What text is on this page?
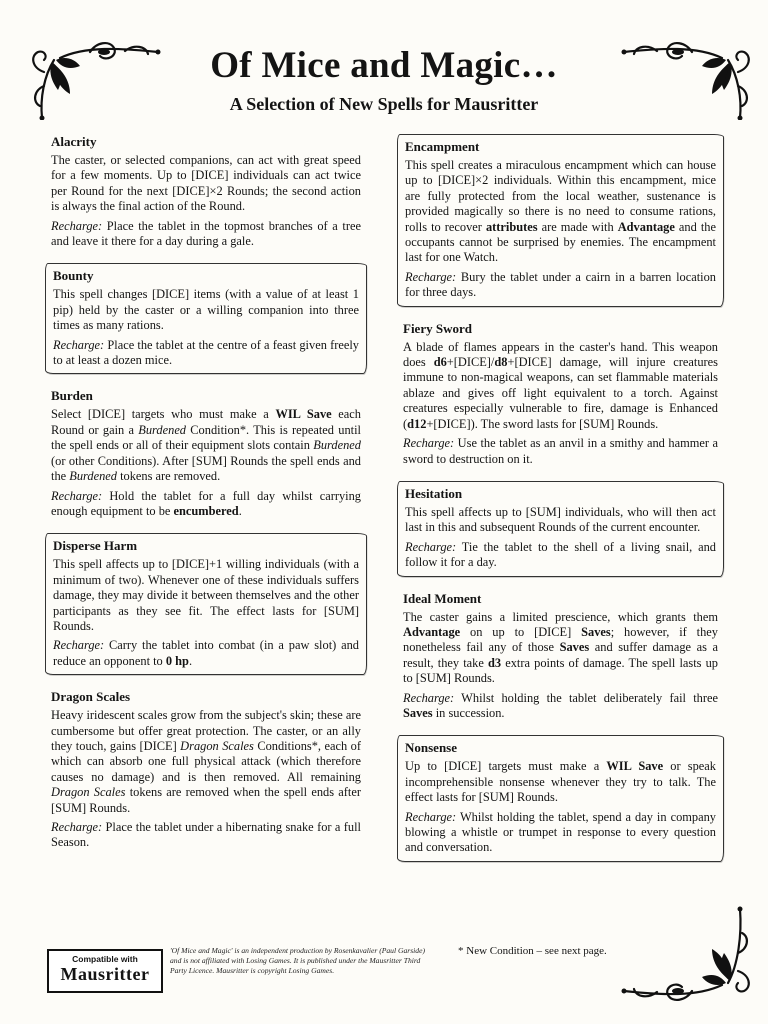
Of Mice and Magic…
A Selection of New Spells for Mausritter
Alacrity

The caster, or selected companions, can act with great speed for a few moments. Up to [DICE] individuals can act twice per Round for the next [DICE]×2 Rounds; the second action is always the final action of the Round.

Recharge: Place the tablet in the topmost branches of a tree and leave it there for a day during a gale.

Bounty

This spell changes [DICE] items (with a value of at least 1 pip) held by the caster or a willing companion into three times as many rations.

Recharge: Place the tablet at the centre of a feast given freely to at least a dozen mice.

Burden

Select [DICE] targets who must make a WIL Save each Round or gain a Burdened Condition*. This is repeated until the spell ends or all of their equipment slots contain Burdened (or other Conditions). After [SUM] Rounds the spell ends and the Burdened tokens are removed.

Recharge: Hold the tablet for a full day whilst carrying enough equipment to be encumbered.

Disperse Harm

This spell affects up to [DICE]+1 willing individuals (with a minimum of two). Whenever one of these individuals suffers damage, they may divide it between themselves and the other participants as they see fit. The effect lasts for [SUM] Rounds.

Recharge: Carry the tablet into combat (in a paw slot) and reduce an opponent to 0 hp.

Dragon Scales

Heavy iridescent scales grow from the subject's skin; these are cumbersome but offer great protection. The caster, or an ally they touch, gains [DICE] Dragon Scales Conditions*, each of which can absorb one full physical attack (which therefore causes no damage) and is then removed. All remaining Dragon Scales tokens are removed when the spell ends after [SUM] Rounds.

Recharge: Place the tablet under a hibernating snake for a full Season.

Encampment

This spell creates a miraculous encampment which can house up to [DICE]×2 individuals. Within this encampment, mice are fully protected from the local weather, sustenance is provided magically so there is no need to consume rations, rolls to recover attributes are made with Advantage and the occupants cannot be surprised by enemies. The encampment last for one Watch.

Recharge: Bury the tablet under a cairn in a barren location for three days.

Fiery Sword

A blade of flames appears in the caster's hand. This weapon does d6+[DICE]/d8+[DICE] damage, will injure creatures immune to non-magical weapons, can set flammable materials ablaze and gives off light equivalent to a torch. Against creatures especially vulnerable to fire, damage is Enhanced (d12+[DICE]). The sword lasts for [SUM] Rounds.

Recharge: Use the tablet as an anvil in a smithy and hammer a sword to destruction on it.

Hesitation

This spell affects up to [SUM] individuals, who will then act last in this and subsequent Rounds of the current encounter.

Recharge: Tie the tablet to the shell of a living snail, and follow it for a day.

Ideal Moment

The caster gains a limited prescience, which grants them Advantage on up to [DICE] Saves; however, if they nonetheless fail any of those Saves and suffer damage as a result, they take d3 extra points of damage. The spell lasts up to [SUM] Rounds.

Recharge: Whilst holding the tablet deliberately fail three Saves in succession.

Nonsense

Up to [DICE] targets must make a WIL Save or speak incomprehensible nonsense whenever they try to talk. The effect lasts for [SUM] Rounds.

Recharge: Whilst holding the tablet, spend a day in company blowing a whistle or trumpet in response to every question and conversation.

Compatible with
Mausritter
'Of Mice and Magic' is an independent production by Rosenkavalier (Paul Garside) and is not affiliated with Losing Games. It is published under the Mausritter Third Party Licence. Mausritter is copyright Losing Games.
* New Condition – see next page.
